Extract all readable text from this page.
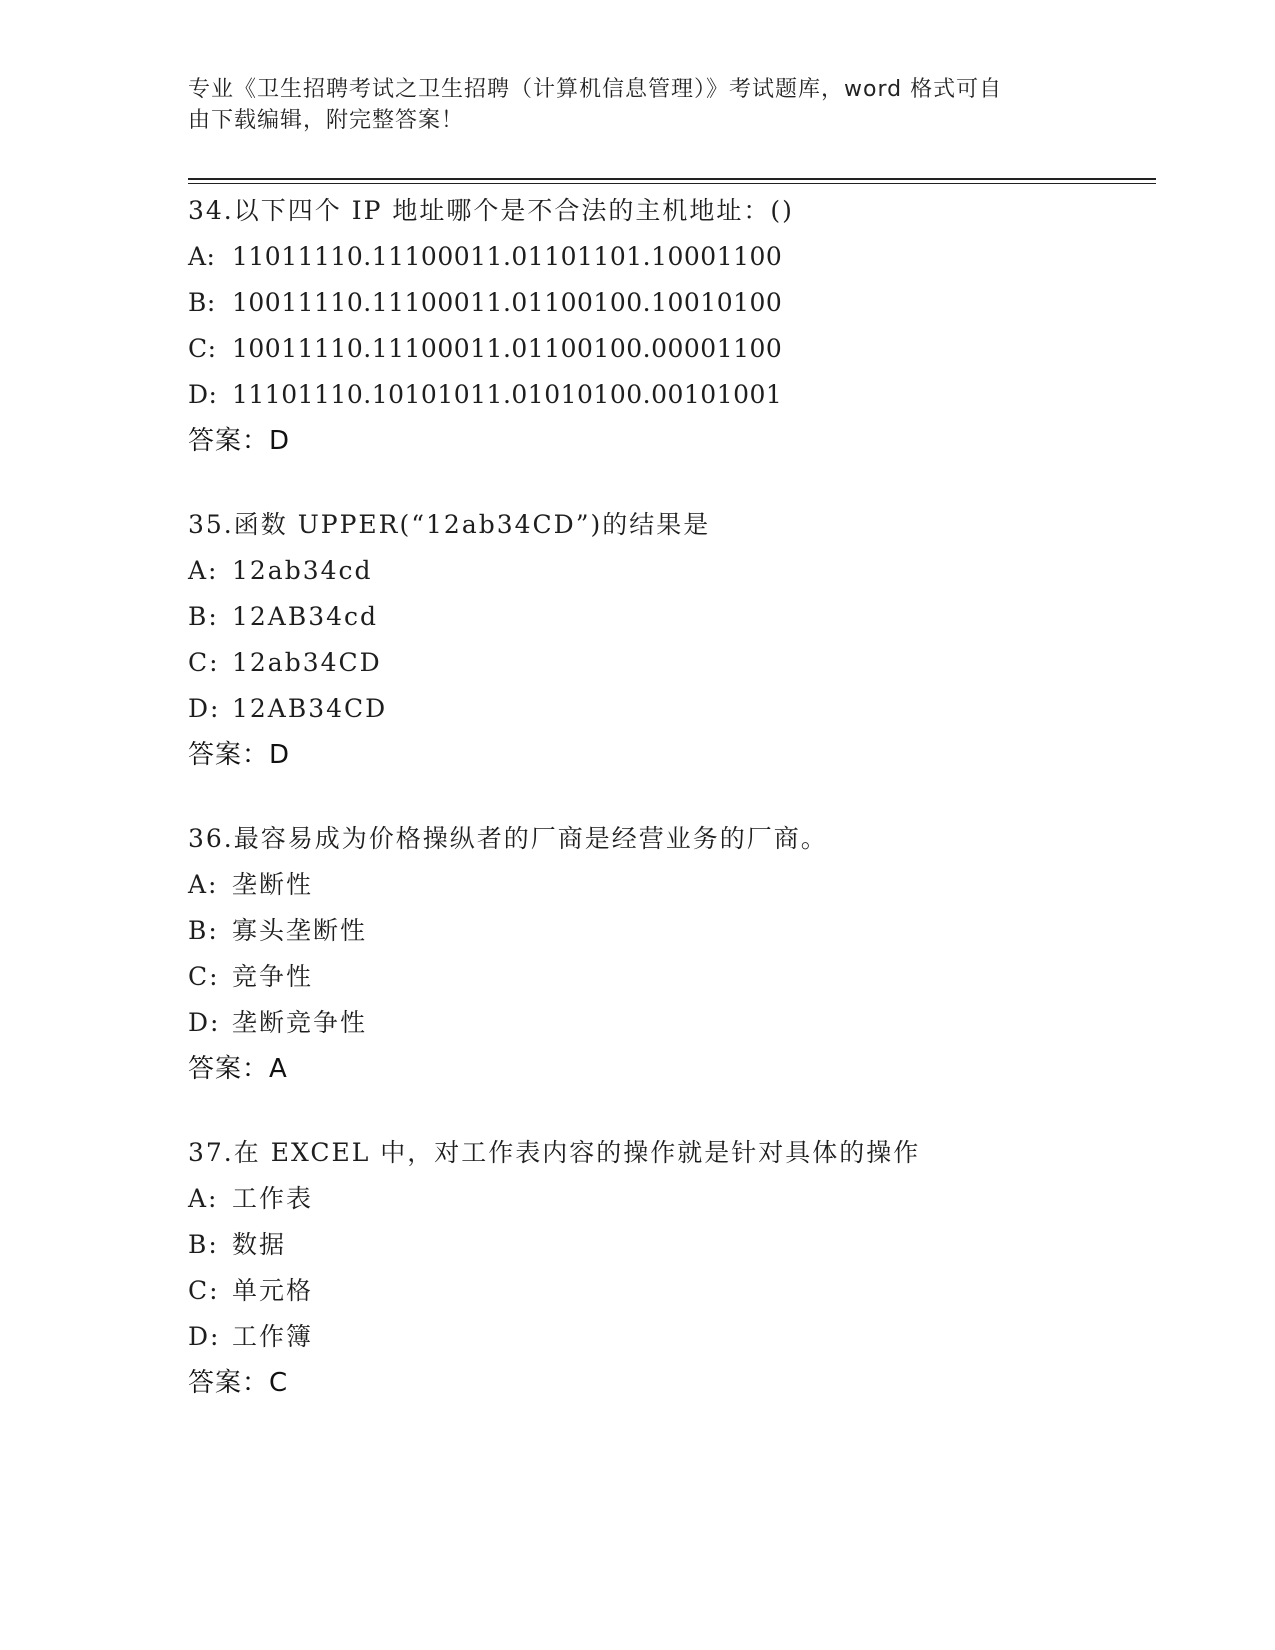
专业《卫生招聘考试之卫生招聘（计算机信息管理）》考试题库，word 格式可自
由下载编辑，附完整答案！
34.以下四个 IP 地址哪个是不合法的主机地址：()
A: 11011110.11100011.01101101.10001100
B: 10011110.11100011.01100100.10010100
C: 10011110.11100011.01100100.00001100
D: 11101110.10101011.01010100.00101001
答案：D
35.函数 UPPER(“12ab34CD”)的结果是
A: 12ab34cd
B: 12AB34cd
C: 12ab34CD
D: 12AB34CD
答案：D
36.最容易成为价格操纵者的厂商是经营业务的厂商。
A: 垄断性
B: 寡头垄断性
C: 竞争性
D: 垄断竞争性
答案：A
37.在 EXCEL 中，对工作表内容的操作就是针对具体的操作
A: 工作表
B: 数据
C: 单元格
D: 工作簿
答案：C
